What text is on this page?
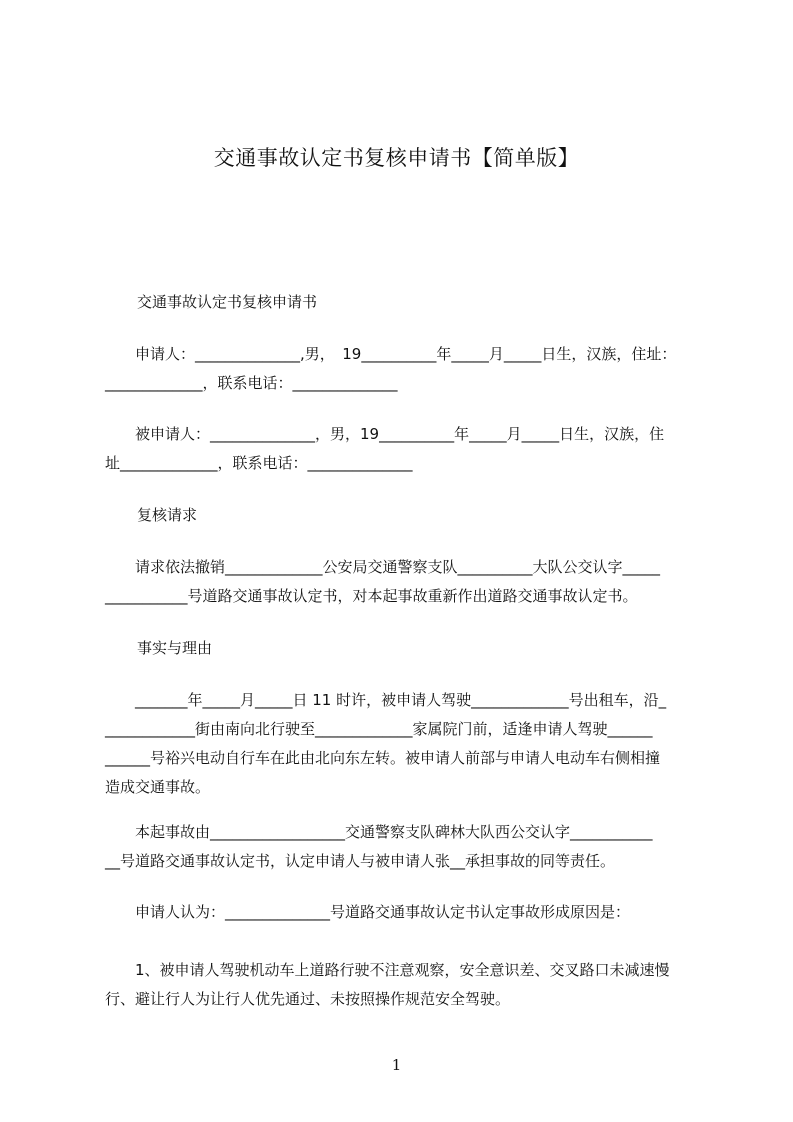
交通事故认定书复核申请书【简单版】

交通事故认定书复核申请书

　　申请人：______________,男，　19__________年_____月_____日生，汉族，住址：
_____________，联系电话：______________

　　被申请人：______________，男，19__________年_____月_____日生，汉族，住
址_____________，联系电话：______________

复核请求

　　请求依法撤销_____________公安局交通警察支队__________大队公交认字_____
___________号道路交通事故认定书，对本起事故重新作出道路交通事故认定书。

事实与理由

　　_______年_____月_____日 11 时许，被申请人驾驶_____________号出租车，沿_
____________街由南向北行驶至_____________家属院门前，适逢申请人驾驶______
______号裕兴电动自行车在此由北向东左转。被申请人前部与申请人电动车右侧相撞
造成交通事故。

　　本起事故由__________________交通警察支队碑林大队西公交认字___________
__号道路交通事故认定书，认定申请人与被申请人张__承担事故的同等责任。

　　申请人认为：______________号道路交通事故认定书认定事故形成原因是：

　　1、被申请人驾驶机动车上道路行驶不注意观察，安全意识差、交叉路口未减速慢
行、避让行人为让行人优先通过、未按照操作规范安全驾驶。

1
